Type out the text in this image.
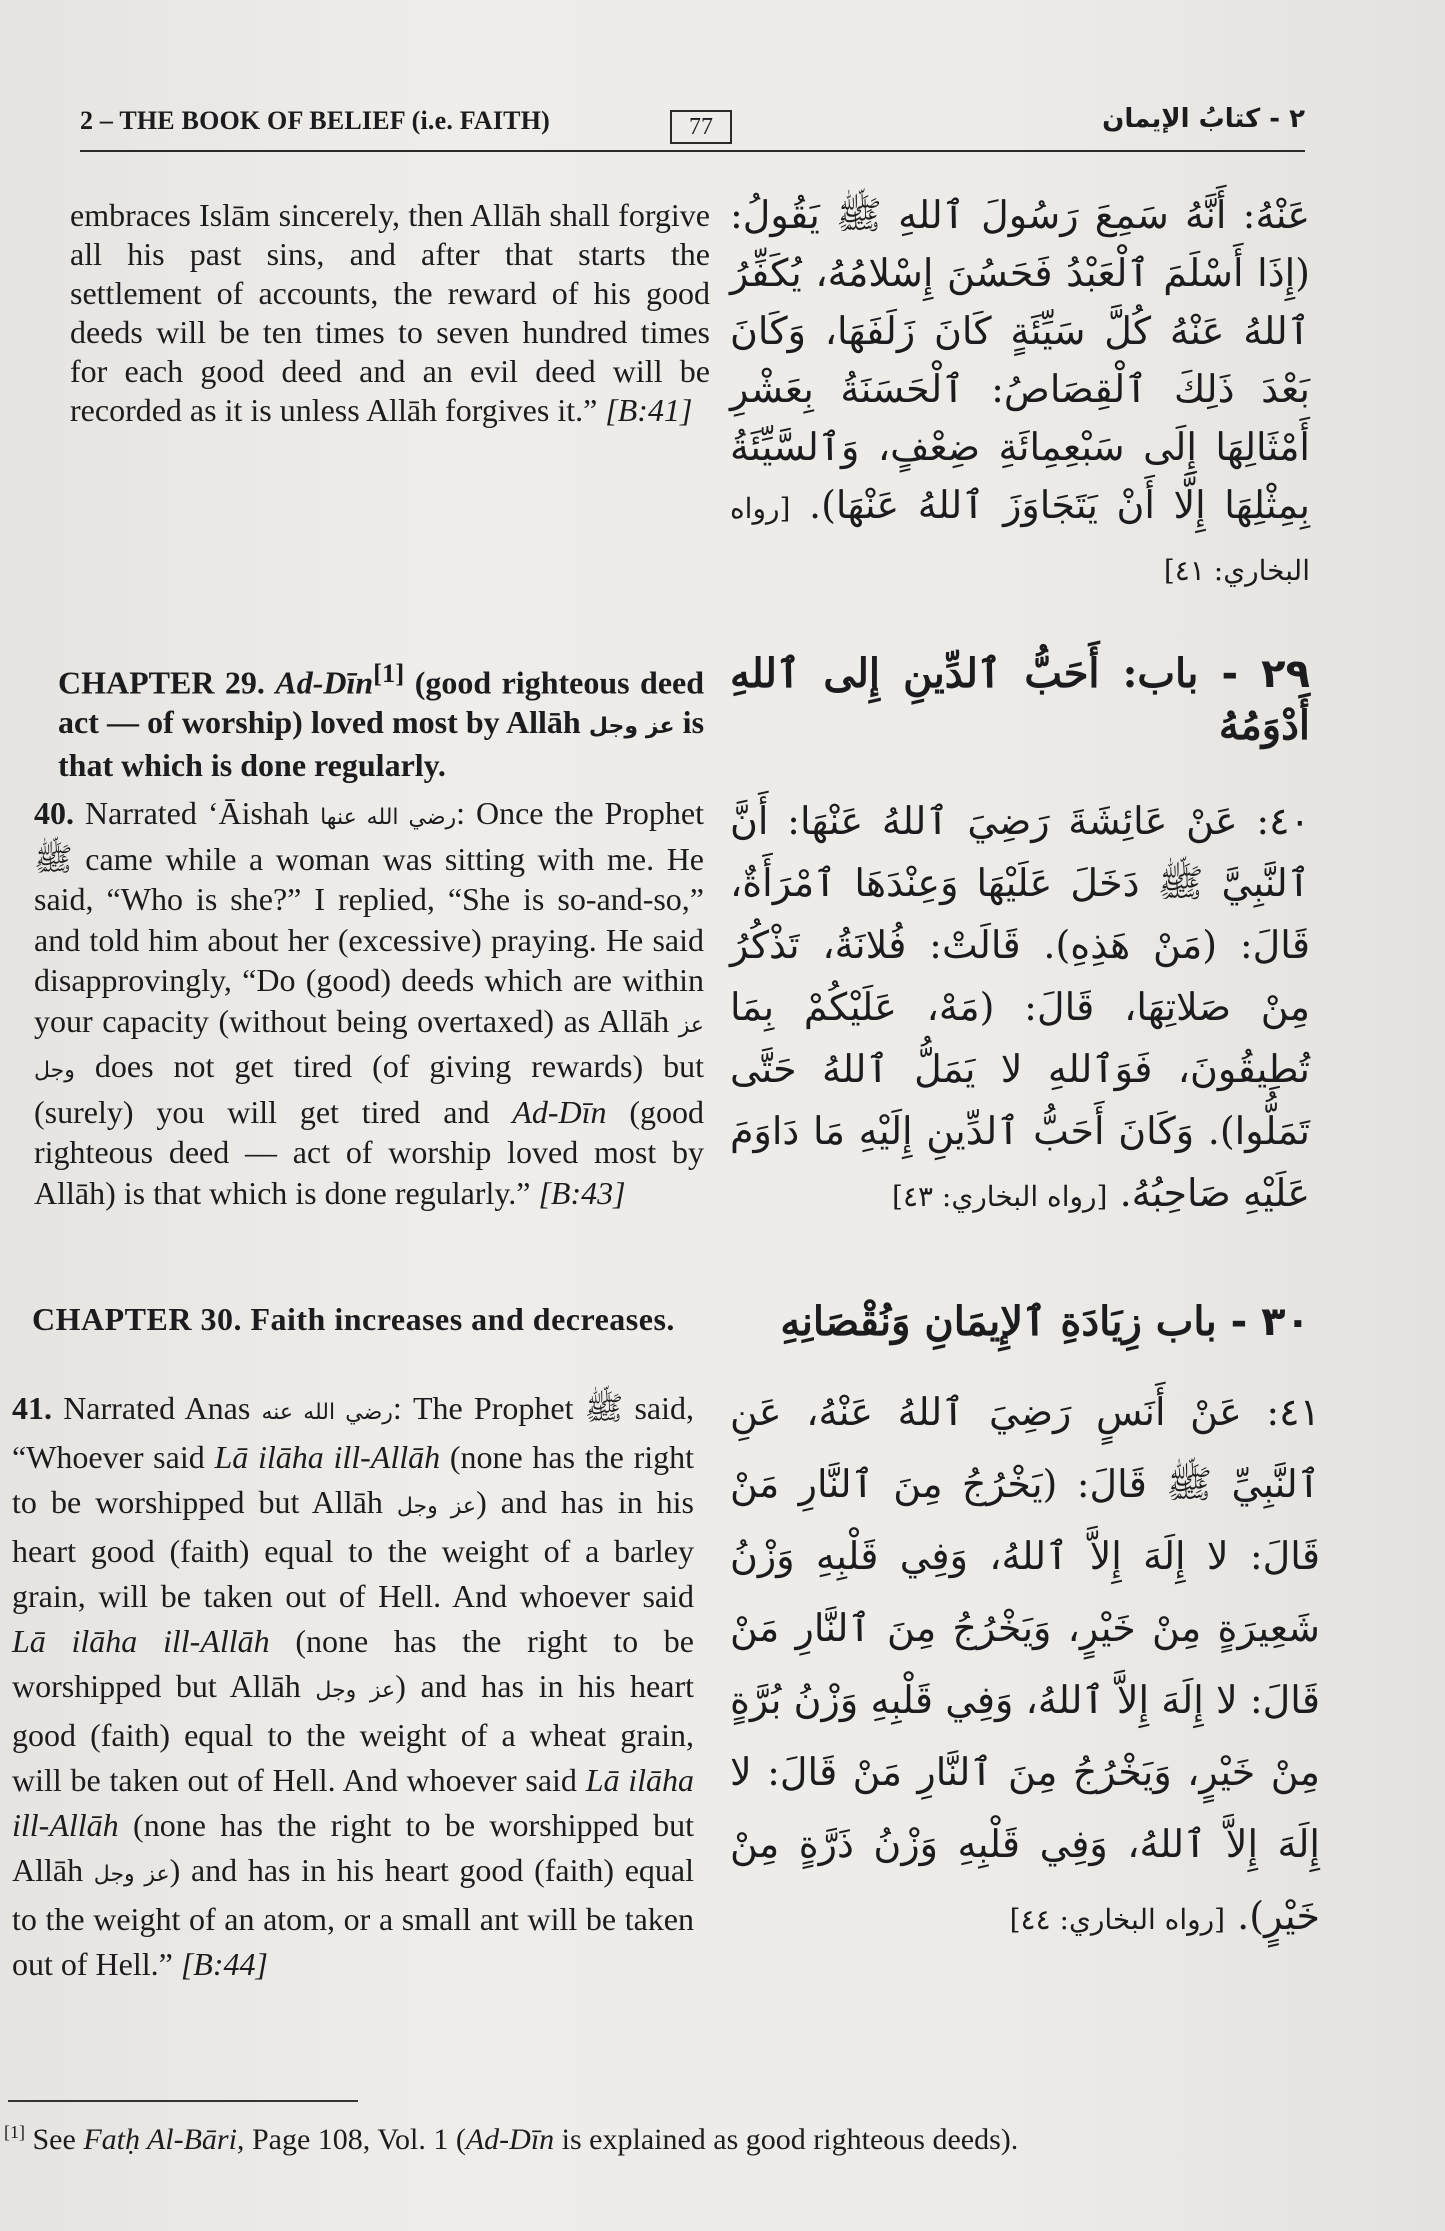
2 – THE BOOK OF BELIEF (i.e. FAITH)	77	٢ - كتابُ الإيمان
embraces Islām sincerely, then Allāh shall forgive all his past sins, and after that starts the settlement of accounts, the reward of his good deeds will be ten times to seven hundred times for each good deed and an evil deed will be recorded as it is unless Allāh forgives it.” [B:41]
عَنْهُ: أَنَّهُ سَمِعَ رَسُولَ ٱللهِ ﷺ يَقُولُ: (إِذَا أَسْلَمَ ٱلْعَبْدُ فَحَسُنَ إِسْلامُهُ، يُكَفِّرُ ٱللهُ عَنْهُ كُلَّ سَيِّئَةٍ كَانَ زَلَفَهَا، وَكَانَ بَعْدَ ذَلِكَ ٱلْقِصَاصُ: ٱلْحَسَنَةُ بِعَشْرِ أَمْثَالِهَا إِلَى سَبْعِمِائَةِ ضِعْفٍ، وَٱلسَّيِّئَةُ بِمِثْلِهَا إِلَّا أَنْ يَتَجَاوَزَ ٱللهُ عَنْهَا). [رواه البخاري: ٤١]
CHAPTER 29. Ad-Dīn[1] (good righteous deed act — of worship) loved most by Allāh عز وجل is that which is done regularly.
٢٩ - باب: أَحَبُّ ٱلدِّينِ إِلى ٱللهِ أَدْوَمُهُ
40. Narrated ‘Āishah رضي الله عنها: Once the Prophet ﷺ came while a woman was sitting with me. He said, “Who is she?” I replied, “She is so-and-so,” and told him about her (excessive) praying. He said disapprovingly, “Do (good) deeds which are within your capacity (without being overtaxed) as Allāh عز وجل does not get tired (of giving rewards) but (surely) you will get tired and Ad-Dīn (good righteous deed — act of worship loved most by Allāh) is that which is done regularly.” [B:43]
٤٠: عَنْ عَائِشَةَ رَضِيَ ٱللهُ عَنْهَا: أَنَّ ٱلنَّبِيَّ ﷺ دَخَلَ عَلَيْهَا وَعِنْدَهَا ٱمْرَأَةٌ، قَالَ: (مَنْ هَذِهِ). قَالَتْ: فُلانَةُ، تَذْكُرُ مِنْ صَلاتِهَا، قَالَ: (مَهْ، عَلَيْكُمْ بِمَا تُطِيقُونَ، فَوَٱللهِ لا يَمَلُّ ٱللهُ حَتَّى تَمَلُّوا). وَكَانَ أَحَبُّ ٱلدِّينِ إِلَيْهِ مَا دَاوَمَ عَلَيْهِ صَاحِبُهُ. [رواه البخاري: ٤٣]
CHAPTER 30. Faith increases and decreases.	٣٠ - باب زِيَادَةِ ٱلإِيمَانِ وَنُقْصَانِهِ
41. Narrated Anas رضي الله عنه: The Prophet ﷺ said, “Whoever said Lā ilāha ill-Allāh (none has the right to be worshipped but Allāh عز وجل) and has in his heart good (faith) equal to the weight of a barley grain, will be taken out of Hell. And whoever said Lā ilāha ill-Allāh (none has the right to be worshipped but Allāh عز وجل) and has in his heart good (faith) equal to the weight of a wheat grain, will be taken out of Hell. And whoever said Lā ilāha ill-Allāh (none has the right to be worshipped but Allāh عز وجل) and has in his heart good (faith) equal to the weight of an atom, or a small ant will be taken out of Hell.” [B:44]
٤١: عَنْ أَنَسٍ رَضِيَ ٱللهُ عَنْهُ، عَنِ ٱلنَّبِيِّ ﷺ قَالَ: (يَخْرُجُ مِنَ ٱلنَّارِ مَنْ قَالَ: لا إِلَهَ إِلاَّ ٱللهُ، وَفِي قَلْبِهِ وَزْنُ شَعِيرَةٍ مِنْ خَيْرٍ، وَيَخْرُجُ مِنَ ٱلنَّارِ مَنْ قَالَ: لا إِلَهَ إِلاَّ ٱللهُ، وَفِي قَلْبِهِ وَزْنُ بُرَّةٍ مِنْ خَيْرٍ، وَيَخْرُجُ مِنَ ٱلنَّارِ مَنْ قَالَ: لا إِلَهَ إِلاَّ ٱللهُ، وَفِي قَلْبِهِ وَزْنُ ذَرَّةٍ مِنْ خَيْرٍ). [رواه البخاري: ٤٤]
[1] See Fatḥ Al-Bāri, Page 108, Vol. 1 (Ad-Dīn is explained as good righteous deeds).
